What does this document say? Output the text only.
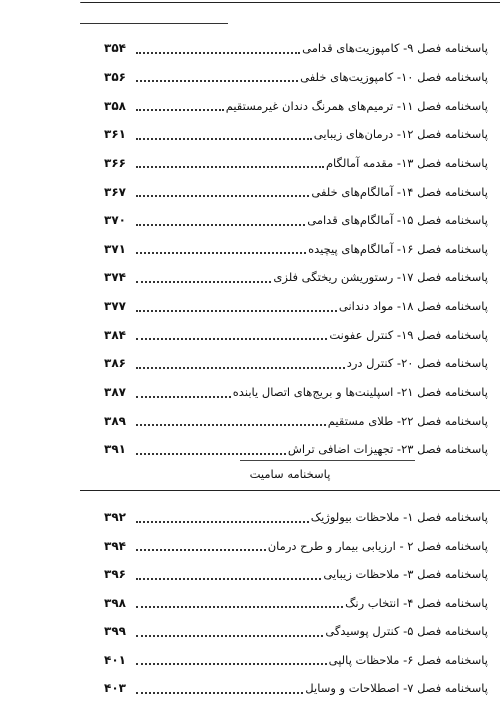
۳۵۴	پاسخنامه فصل ۹- کامپوزیت‌های قدامی
۳۵۶	پاسخنامه فصل ۱۰- کامپوزیت‌های خلفی
۳۵۸	پاسخنامه فصل ۱۱- ترمیم‌های همرنگ دندان غیرمستقیم
۳۶۱	پاسخنامه فصل ۱۲- درمان‌های زیبایی
۳۶۶	پاسخنامه فصل ۱۳- مقدمه آمالگام
۳۶۷	پاسخنامه فصل ۱۴- آمالگام‌های خلفی
۳۷۰	پاسخنامه فصل ۱۵- آمالگام‌های قدامی
۳۷۱	پاسخنامه فصل ۱۶- آمالگام‌های پیچیده
۳۷۴	پاسخنامه فصل ۱۷- رستوریشن ریختگی فلزی
۳۷۷	پاسخنامه فصل ۱۸- مواد دندانی
۳۸۴	پاسخنامه فصل ۱۹- کنترل عفونت
۳۸۶	پاسخنامه فصل ۲۰- کنترل درد
۳۸۷	پاسخنامه فصل ۲۱- اسپلینت‌ها و بریج‌های اتصال یابنده
۳۸۹	پاسخنامه فصل ۲۲- طلای مستقیم
۳۹۱	پاسخنامه فصل ۲۳- تجهیزات اضافی تراش
پاسخنامه سامیت
۳۹۲	پاسخنامه فصل ۱- ملاحظات بیولوژیک
۳۹۴	پاسخنامه فصل ۲ - ارزیابی بیمار و طرح درمان
۳۹۶	پاسخنامه فصل ۳- ملاحظات زیبایی
۳۹۸	پاسخنامه فصل ۴- انتخاب رنگ
۳۹۹	پاسخنامه فصل ۵- کنترل پوسیدگی
۴۰۱	پاسخنامه فصل ۶- ملاحظات پالپی
۴۰۳	پاسخنامه فصل ۷- اصطلاحات و وسایل
